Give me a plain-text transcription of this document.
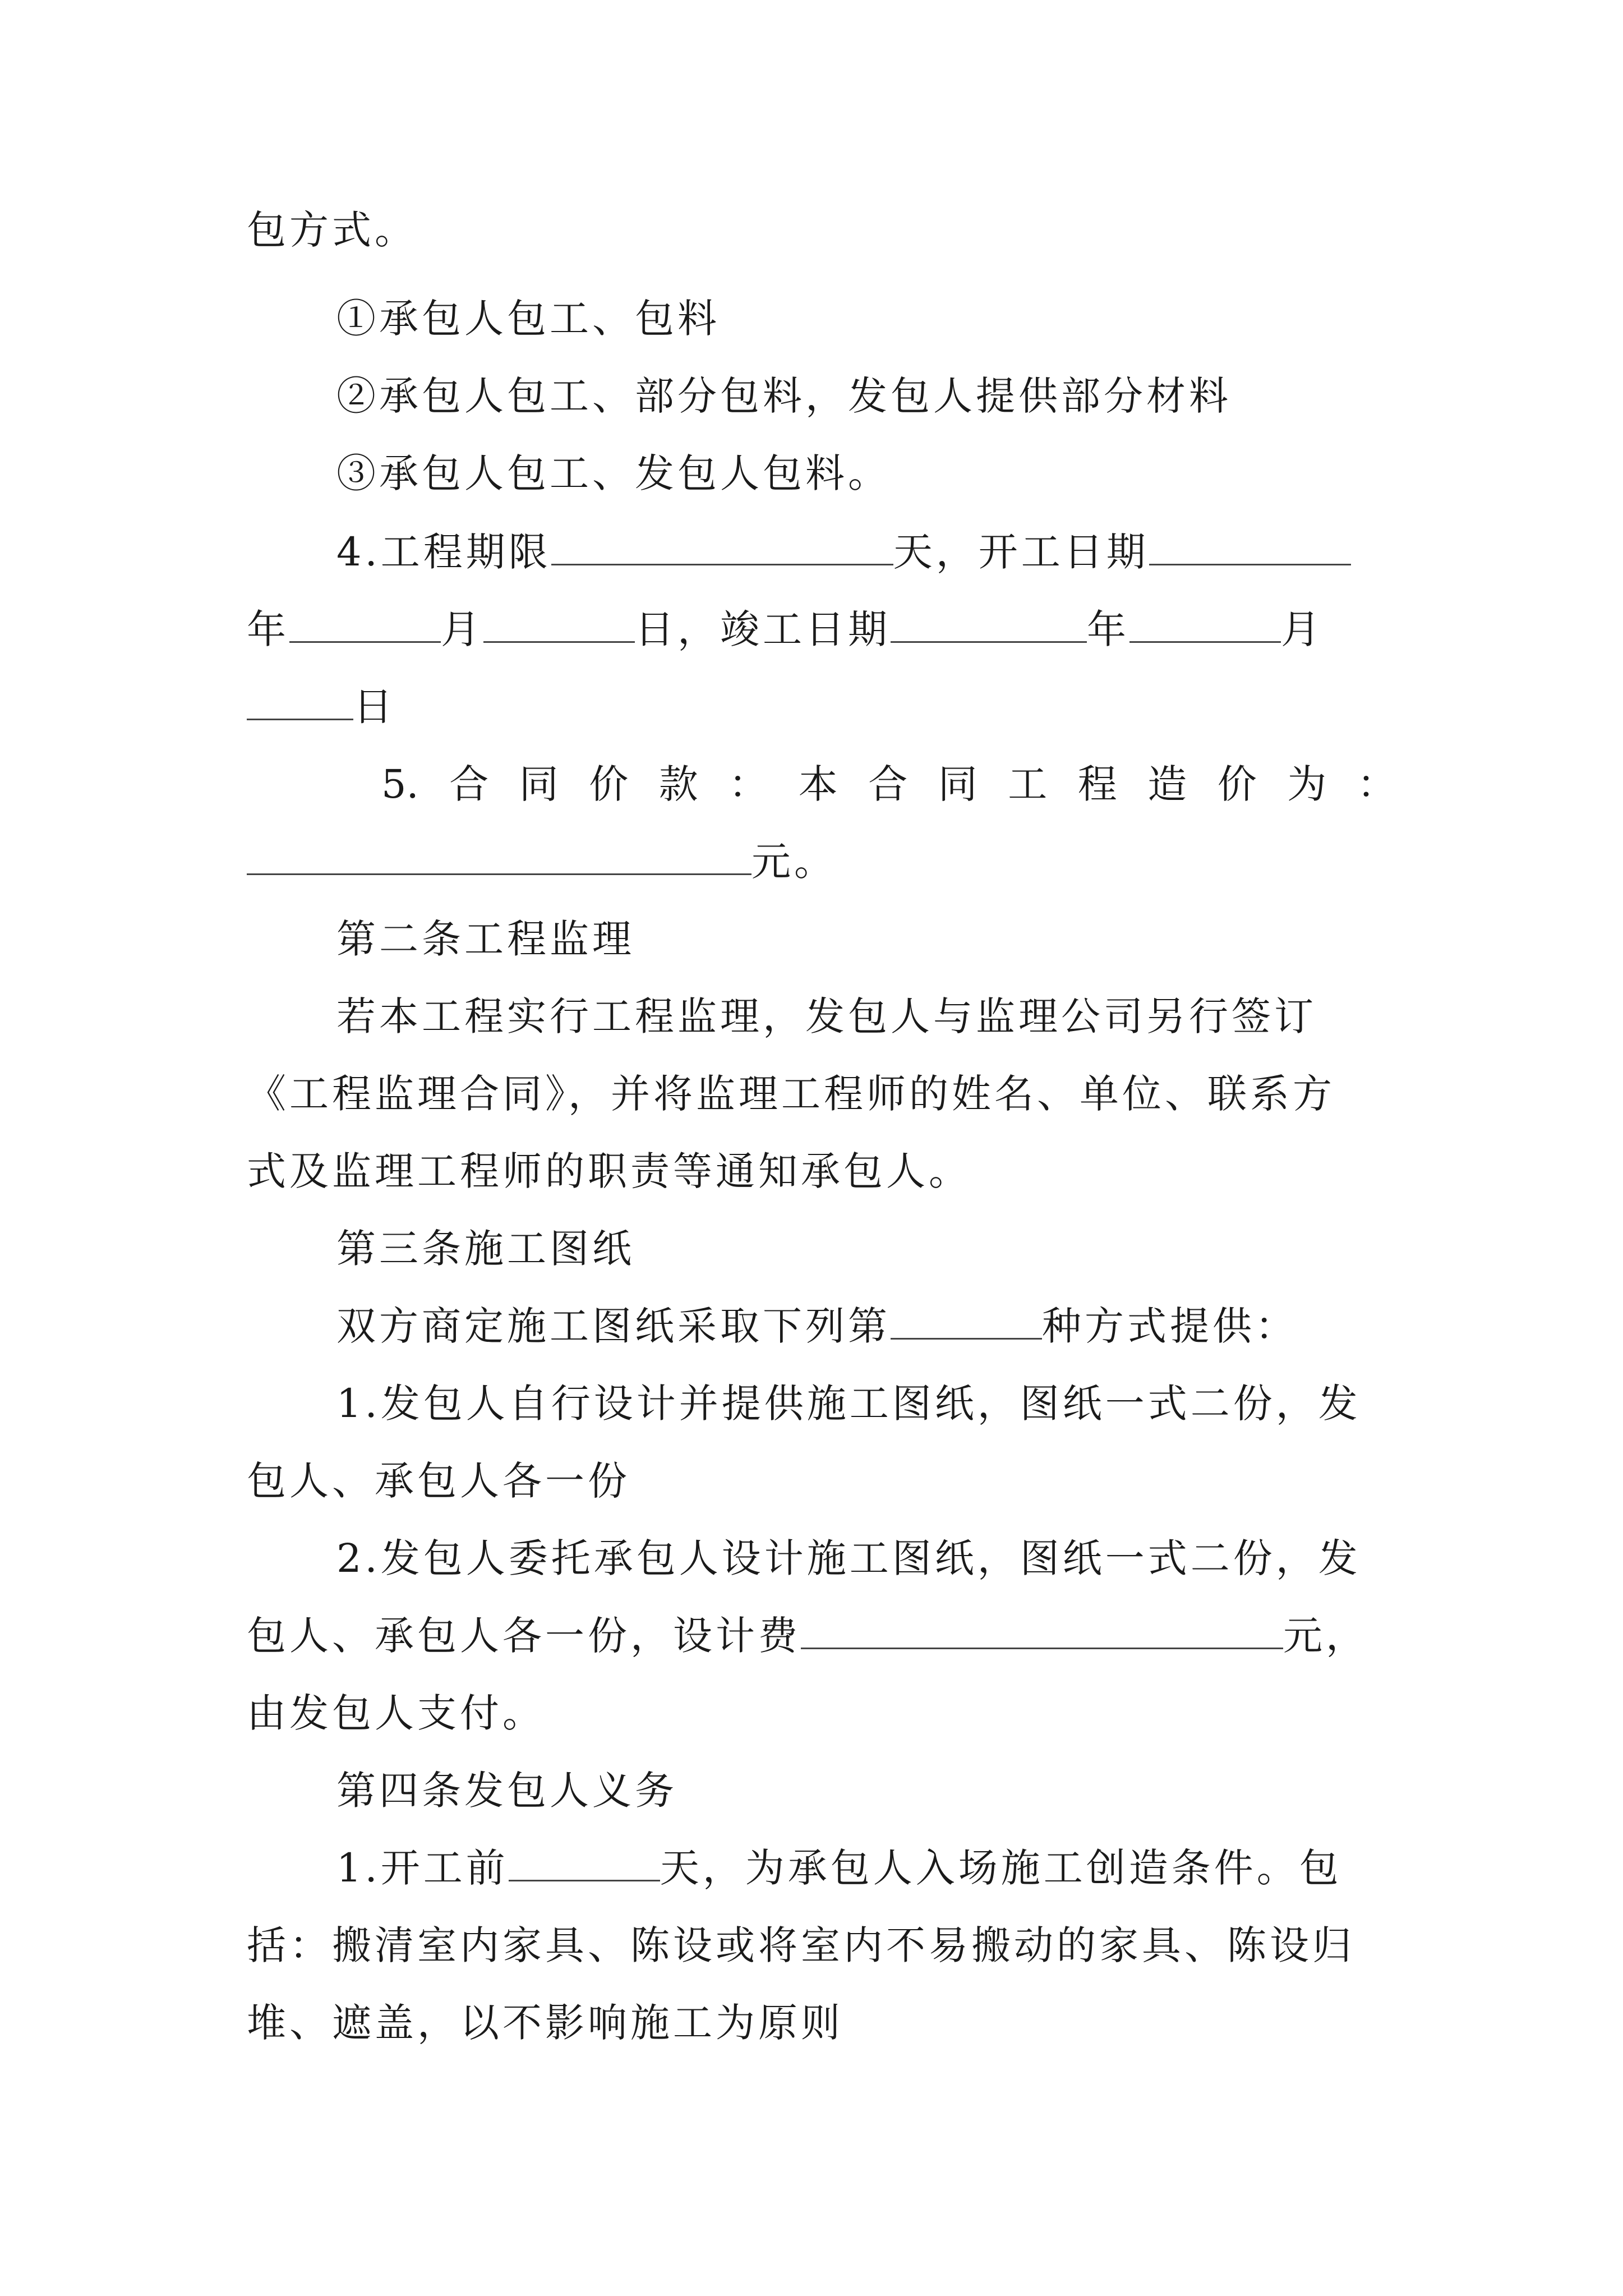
包方式。
①承包人包工、包料
②承包人包工、部分包料，发包人提供部分材料
③承包人包工、发包人包料。
4.工程期限	天，开工日期
年	月	日，竣工日期	年	月
日
5. 合 同 价 款 ： 本 合 同 工 程 造 价 为 ：
元。
第二条工程监理
若本工程实行工程监理，发包人与监理公司另行签订
《工程监理合同》，并将监理工程师的姓名、单位、联系方
式及监理工程师的职责等通知承包人。
第三条施工图纸
双方商定施工图纸采取下列第	种方式提供：
1.发包人自行设计并提供施工图纸，图纸一式二份，发
包人、承包人各一份
2.发包人委托承包人设计施工图纸，图纸一式二份，发
包人、承包人各一份，设计费	元，
由发包人支付。
第四条发包人义务
1.开工前	天，为承包人入场施工创造条件。包
括：搬清室内家具、陈设或将室内不易搬动的家具、陈设归
堆、遮盖，以不影响施工为原则
